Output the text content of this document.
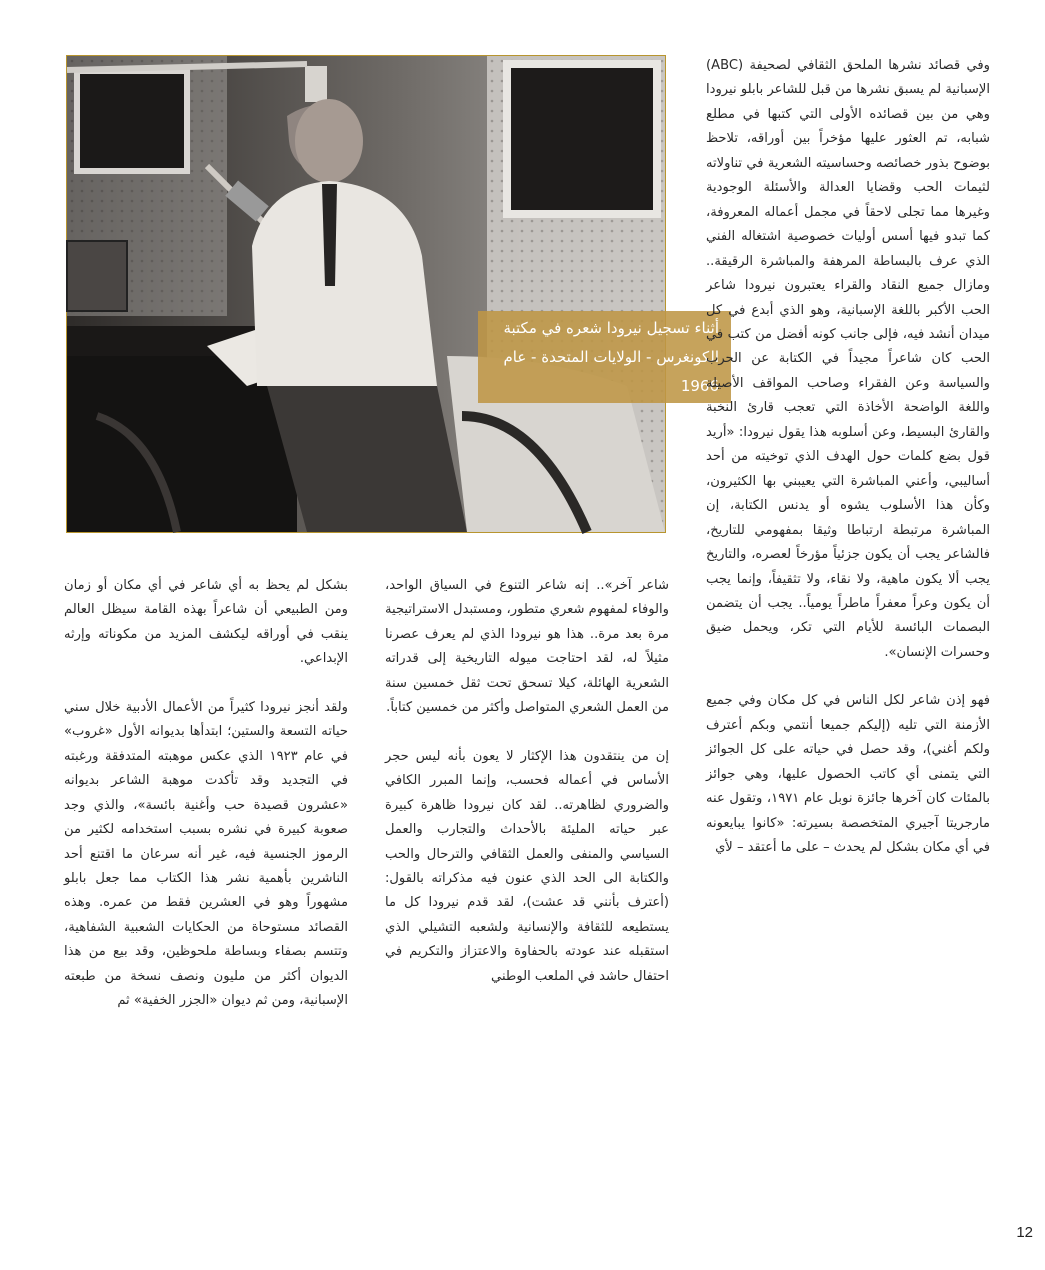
أثناء تسجيل نيرودا شعره في مكتبة الكونغرس - الولايات المتحدة - عام 1966

وفي قصائد نشرها الملحق الثقافي لصحيفة (ABC) الإسبانية لم يسبق نشرها من قبل للشاعر بابلو نيرودا وهي من بين قصائده الأولى التي كتبها في مطلع شبابه، تم العثور عليها مؤخراً بين أوراقه، تلاحظ بوضوح بذور خصائصه وحساسيته الشعرية في تناولاته لثيمات الحب وقضايا العدالة والأسئلة الوجودية وغيرها مما تجلى لاحقاً في مجمل أعماله المعروفة، كما تبدو فيها أسس أوليات خصوصية اشتغاله الفني الذي عرف بالبساطة المرهفة والمباشرة الرقيقة.. ومازال جميع النقاد والقراء يعتبرون نيرودا شاعر الحب الأكبر باللغة الإسبانية، وهو الذي أبدع في كل ميدان أنشد فيه، فإلى جانب كونه أفضل من كتب في الحب كان شاعراً مجيداً في الكتابة عن الحرب والسياسة وعن الفقراء وصاحب المواقف الأصيلة واللغة الواضحة الأخاذة التي تعجب قارئ النخبة والقارئ البسيط، وعن أسلوبه هذا يقول نيرودا: «أريد قول بضع كلمات حول الهدف الذي توخيته من أحد أساليبي، وأعني المباشرة التي يعيبني بها الكثيرون، وكأن هذا الأسلوب يشوه أو يدنس الكتابة، إن المباشرة مرتبطة ارتباطا وثيقا بمفهومي للتاريخ، فالشاعر يجب أن يكون جزئياً مؤرخاً لعصره، والتاريخ يجب ألا يكون ماهية، ولا نقاء، ولا تثقيفاً، وإنما يجب أن يكون وعراً معفراً ماطراً يومياً.. يجب أن يتضمن البصمات البائسة للأيام التي تكر، ويحمل ضيق وحسرات الإنسان».

فهو إذن شاعر لكل الناس في كل مكان وفي جميع الأزمنة التي تليه (إليكم جميعا أنتمي وبكم أعترف ولكم أغني)، وقد حصل في حياته على كل الجوائز التي يتمنى أي كاتب الحصول عليها، وهي جوائز بالمئات كان آخرها جائزة نوبل عام ١٩٧١، وتقول عنه مارجريتا آجيري المتخصصة بسيرته: «كانوا يبايعونه في أي مكان بشكل لم يحدث – على ما أعتقد – لأي

شاعر آخر».. إنه شاعر التنوع في السياق الواحد، والوفاء لمفهوم شعري متطور، ومستبدل الاستراتيجية مرة بعد مرة.. هذا هو نيرودا الذي لم يعرف عصرنا مثيلاً له، لقد احتاجت ميوله التاريخية إلى قدراته الشعرية الهائلة، كيلا تسحق تحت ثقل خمسين سنة من العمل الشعري المتواصل وأكثر من خمسين كتاباً.

إن من ينتقدون هذا الإكثار لا يعون بأنه ليس حجر الأساس في أعماله فحسب، وإنما المبرر الكافي والضروري لظاهرته.. لقد كان نيرودا ظاهرة كبيرة عبر حياته المليئة بالأحداث والتجارب والعمل السياسي والمنفى والعمل الثقافي والترحال والحب والكتابة الى الحد الذي عنون فيه مذكراته بالقول: (أعترف بأنني قد عشت)، لقد قدم نيرودا كل ما يستطيعه للثقافة والإنسانية ولشعبه التشيلي الذي استقبله عند عودته بالحفاوة والاعتزاز والتكريم في احتفال حاشد في الملعب الوطني

بشكل لم يحظ به أي شاعر في أي مكان أو زمان ومن الطبيعي أن شاعراً بهذه القامة سيظل العالم ينقب في أوراقه ليكشف المزيد من مكوناته وإرثه الإبداعي.

ولقد أنجز نيرودا كثيراً من الأعمال الأدبية خلال سني حياته التسعة والستين؛ ابتدأها بديوانه الأول «غروب» في عام ١٩٢٣ الذي عكس موهبته المتدفقة ورغبته في التجديد وقد تأكدت موهبة الشاعر بديوانه «عشرون قصيدة حب وأغنية بائسة»، والذي وجد صعوبة كبيرة في نشره بسبب استخدامه لكثير من الرموز الجنسية فيه، غير أنه سرعان ما اقتنع أحد الناشرين بأهمية نشر هذا الكتاب مما جعل بابلو مشهوراً وهو في العشرين فقط من عمره. وهذه القصائد مستوحاة من الحكايات الشعبية الشفاهية، وتتسم بصفاء وبساطة ملحوظين، وقد بيع من هذا الديوان أكثر من مليون ونصف نسخة من طبعته الإسبانية، ومن ثم ديوان «الجزر الخفية» ثم

12
